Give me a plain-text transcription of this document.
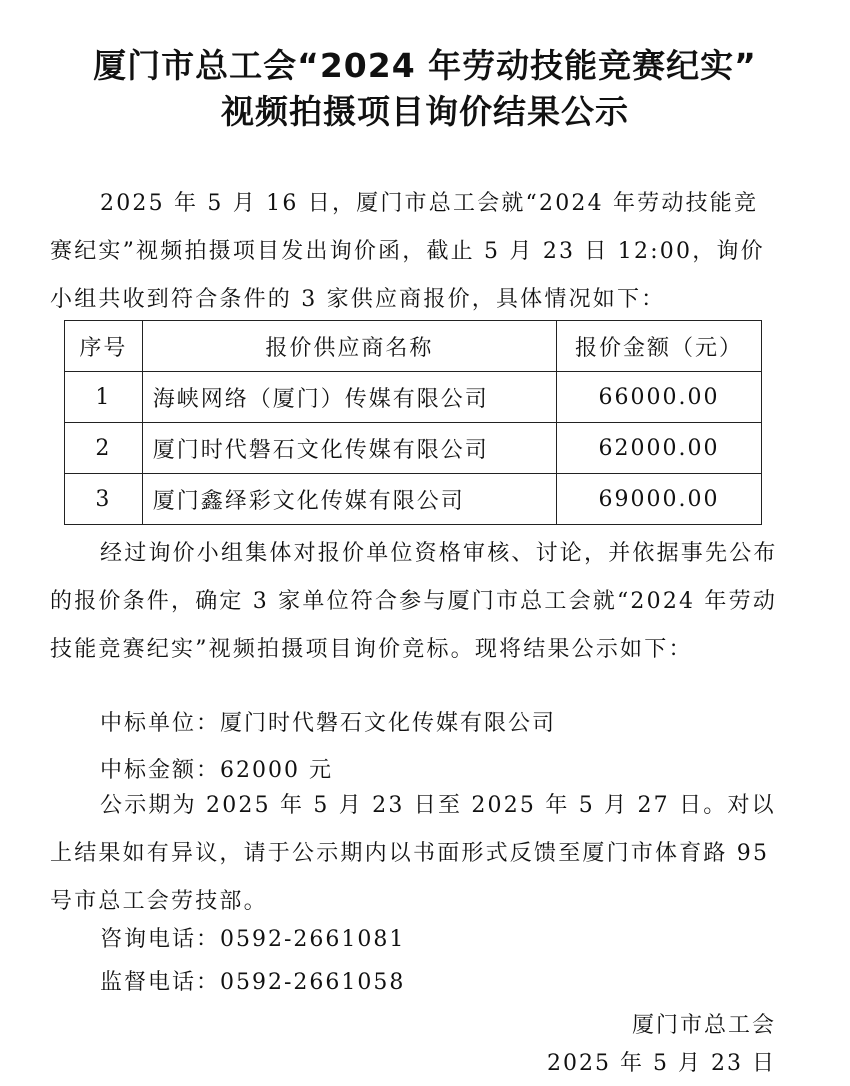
厦门市总工会“2024 年劳动技能竞赛纪实”
视频拍摄项目询价结果公示

2025 年 5 月 16 日，厦门市总工会就“2024 年劳动技能竞赛纪实”视频拍摄项目发出询价函，截止 5 月 23 日 12:00，询价小组共收到符合条件的 3 家供应商报价，具体情况如下：

序号	报价供应商名称	报价金额（元）
1	海峡网络（厦门）传媒有限公司	66000.00
2	厦门时代磐石文化传媒有限公司	62000.00
3	厦门鑫绎彩文化传媒有限公司	69000.00

经过询价小组集体对报价单位资格审核、讨论，并依据事先公布的报价条件，确定 3 家单位符合参与厦门市总工会就“2024 年劳动技能竞赛纪实”视频拍摄项目询价竞标。现将结果公示如下：

中标单位：厦门时代磐石文化传媒有限公司
中标金额：62000 元

公示期为 2025 年 5 月 23 日至 2025 年 5 月 27 日。对以上结果如有异议，请于公示期内以书面形式反馈至厦门市体育路 95 号市总工会劳技部。

咨询电话：0592-2661081
监督电话：0592-2661058
厦门市总工会
2025 年 5 月 23 日
